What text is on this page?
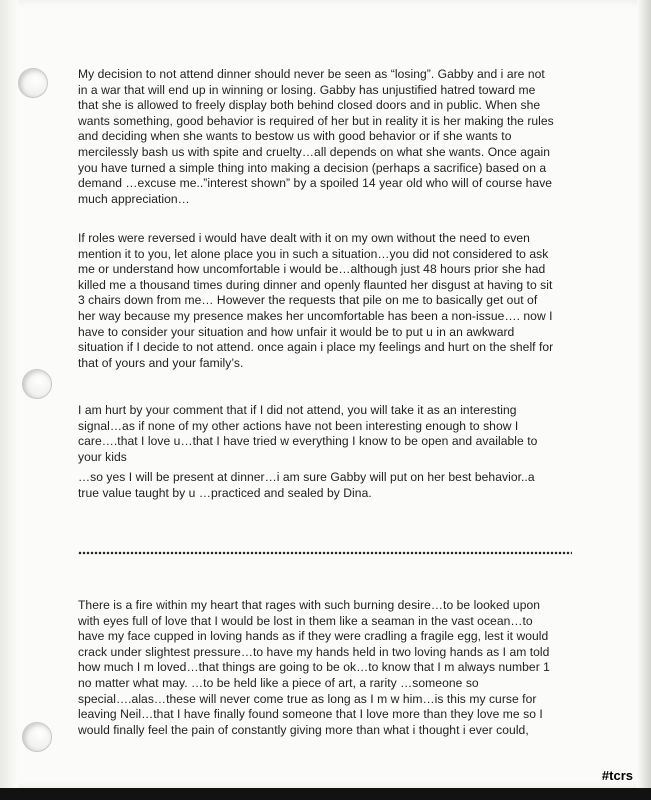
My decision to not attend dinner should never be seen as “losing”. Gabby and i are not
in a war that will end up in winning or losing. Gabby has unjustified hatred toward me
that she is allowed to freely display both behind closed doors and in public. When she
wants something, good behavior is required of her but in reality it is her making the rules
and deciding when she wants to bestow us with good behavior or if she wants to
mercilessly bash us with spite and cruelty…all depends on what she wants. Once again
you have turned a simple thing into making a decision (perhaps a sacrifice) based on a
demand …excuse me..”interest shown” by a spoiled 14 year old who will of course have
much appreciation…
If roles were reversed i would have dealt with it on my own without the need to even
mention it to you, let alone place you in such a situation…you did not considered to ask
me or understand how uncomfortable i would be…although just 48 hours prior she had
killed me a thousand times during dinner and openly flaunted her disgust at having to sit
3 chairs down from me… However the requests that pile on me to basically get out of
her way because my presence makes her uncomfortable has been a non-issue…. now I
have to consider your situation and how unfair it would be to put u in an awkward
situation if I decide to not attend. once again i place my feelings and hurt on the shelf for
that of yours and your family’s.
I am hurt by your comment that if I did not attend, you will take it as an interesting
signal…as if none of my other actions have not been interesting enough to show I
care….that I love u…that I have tried w everything I know to be open and available to
your kids
…so yes I will be present at dinner…i am sure Gabby will put on her best behavior..a
true value taught by u …practiced and sealed by Dina.
There is a fire within my heart that rages with such burning desire…to be looked upon
with eyes full of love that I would be lost in them like a seaman in the vast ocean…to
have my face cupped in loving hands as if they were cradling a fragile egg, lest it would
crack under slightest pressure…to have my hands held in two loving hands as I am told
how much I m loved…that things are going to be ok…to know that I m always number 1
no matter what may. …to be held like a piece of art, a rarity …someone so
special….alas…these will never come true as long as I m w him…is this my curse for
leaving Neil…that I have finally found someone that I love more than they love me so I
would finally feel the pain of constantly giving more than what i thought i ever could,
#tcrs
